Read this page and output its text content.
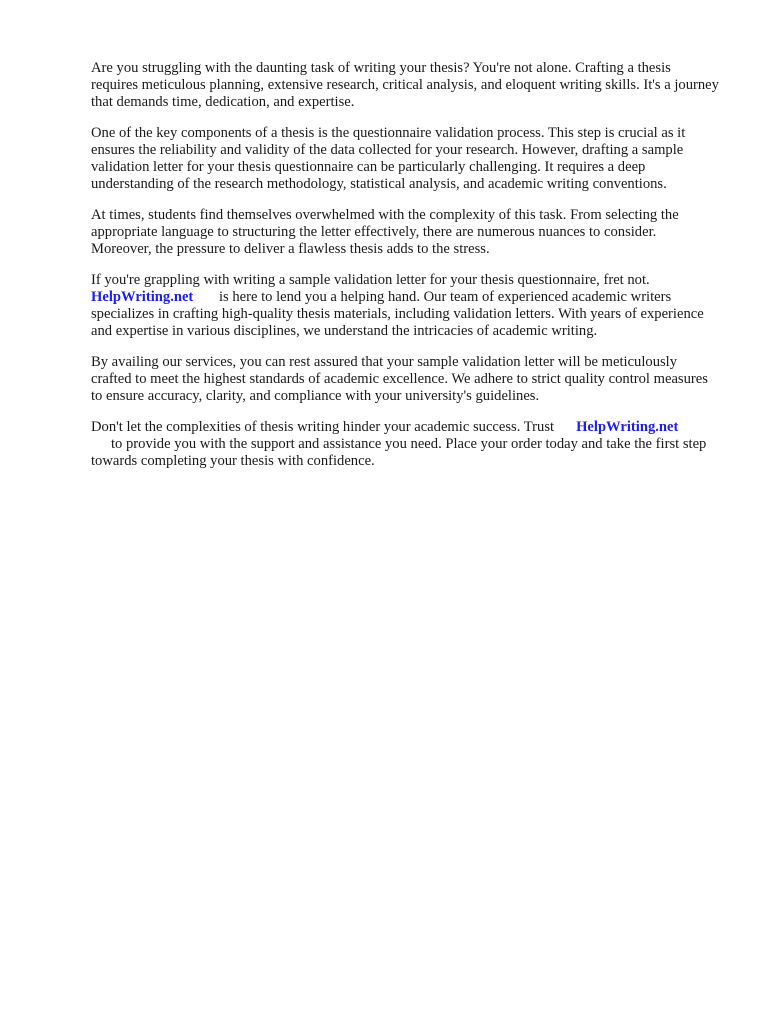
Are you struggling with the daunting task of writing your thesis? You're not alone. Crafting a thesis requires meticulous planning, extensive research, critical analysis, and eloquent writing skills. It's a journey that demands time, dedication, and expertise.

One of the key components of a thesis is the questionnaire validation process. This step is crucial as it ensures the reliability and validity of the data collected for your research. However, drafting a sample validation letter for your thesis questionnaire can be particularly challenging. It requires a deep understanding of the research methodology, statistical analysis, and academic writing conventions.

At times, students find themselves overwhelmed with the complexity of this task. From selecting the appropriate language to structuring the letter effectively, there are numerous nuances to consider. Moreover, the pressure to deliver a flawless thesis adds to the stress.

If you're grappling with writing a sample validation letter for your thesis questionnaire, fret not.
HelpWriting.net is here to lend you a helping hand. Our team of experienced academic writers specializes in crafting high-quality thesis materials, including validation letters. With years of experience and expertise in various disciplines, we understand the intricacies of academic writing.

By availing our services, you can rest assured that your sample validation letter will be meticulously crafted to meet the highest standards of academic excellence. We adhere to strict quality control measures to ensure accuracy, clarity, and compliance with your university's guidelines.

Don't let the complexities of thesis writing hinder your academic success. Trust HelpWriting.net
to provide you with the support and assistance you need. Place your order today and take the first step towards completing your thesis with confidence.
